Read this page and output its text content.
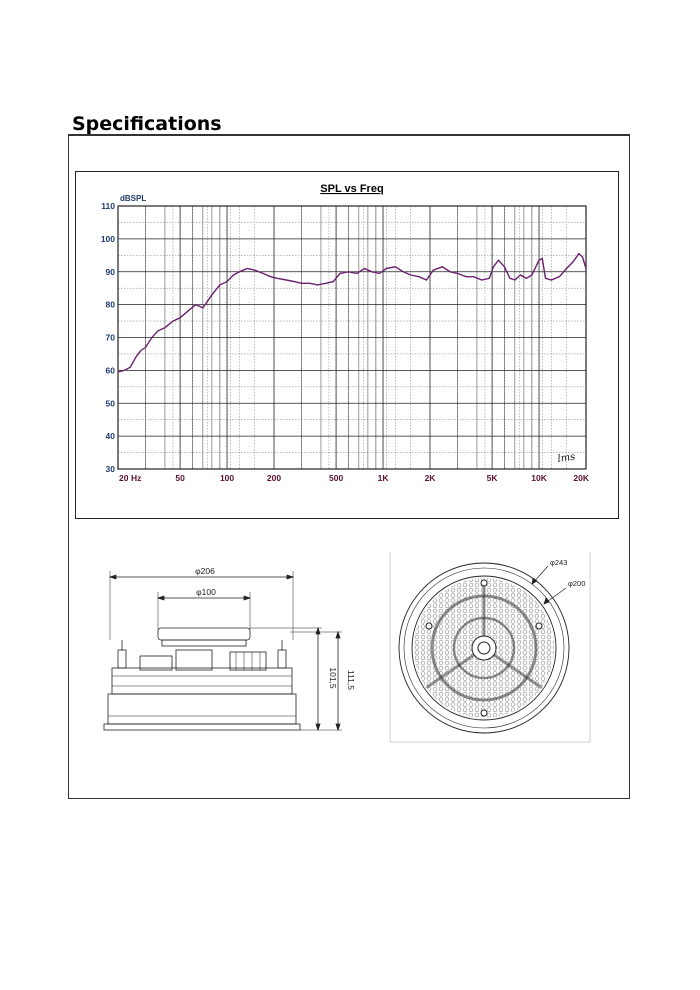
Specifications
SPL vs Freq
dBSPL
30
40
50
60
70
80
90
100
110
20	50	100	200	500	1K	2K	5K	10K	20K
Hz
lms
φ206
φ100
101,5 111,5
φ243
φ200
